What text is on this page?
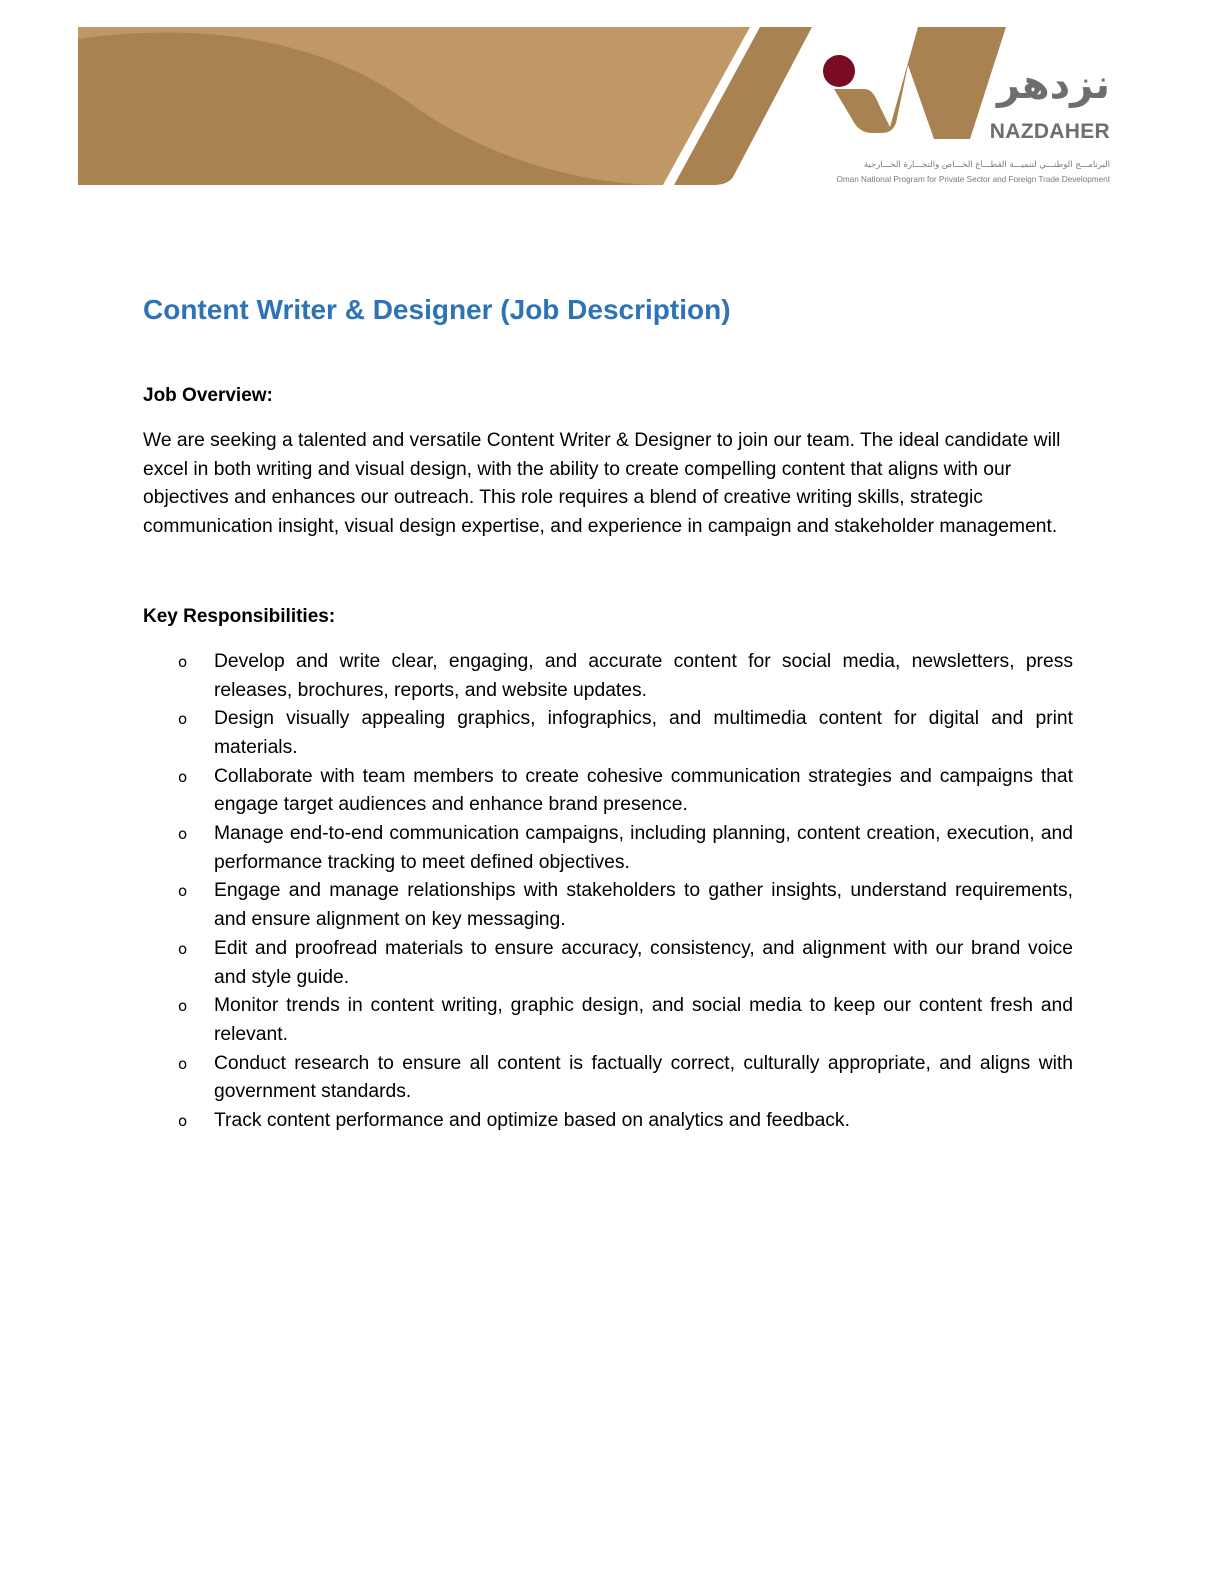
نزدهر
NAZDAHER
البرنامـــج الوطنـــي لتنميـــة القطـــاع الخـــاص والتجـــارة الخـــارجية
Oman National Program for Private Sector and Foreign Trade Development
Content Writer & Designer (Job Description)
Job Overview:

We are seeking a talented and versatile Content Writer & Designer to join our team. The ideal candidate will excel in both writing and visual design, with the ability to create compelling content that aligns with our objectives and enhances our outreach. This role requires a blend of creative writing skills, strategic communication insight, visual design expertise, and experience in campaign and stakeholder management.

Key Responsibilities:
o Develop and write clear, engaging, and accurate content for social media, newsletters, press releases, brochures, reports, and website updates.
o Design visually appealing graphics, infographics, and multimedia content for digital and print materials.
o Collaborate with team members to create cohesive communication strategies and campaigns that engage target audiences and enhance brand presence.
o Manage end-to-end communication campaigns, including planning, content creation, execution, and performance tracking to meet defined objectives.
o Engage and manage relationships with stakeholders to gather insights, understand requirements, and ensure alignment on key messaging.
o Edit and proofread materials to ensure accuracy, consistency, and alignment with our brand voice and style guide.
o Monitor trends in content writing, graphic design, and social media to keep our content fresh and relevant.
o Conduct research to ensure all content is factually correct, culturally appropriate, and aligns with government standards.
o Track content performance and optimize based on analytics and feedback.
